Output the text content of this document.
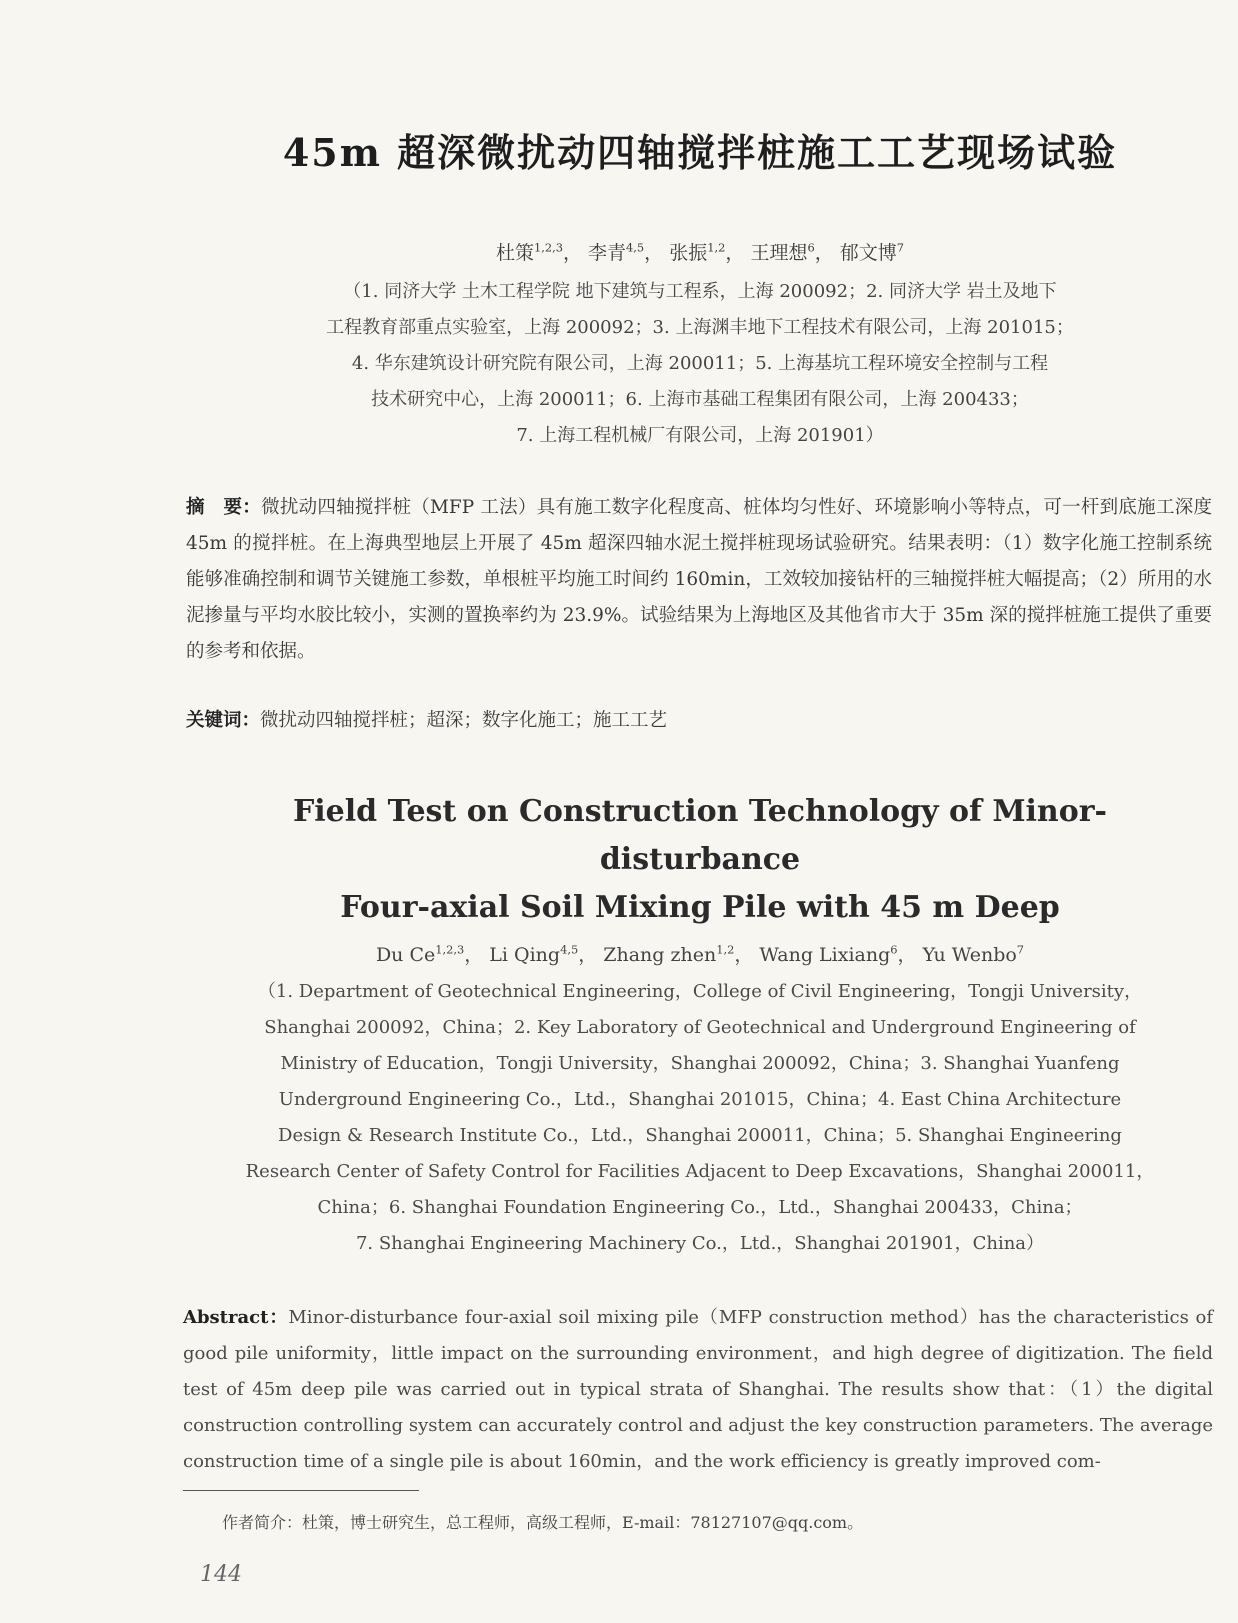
45m 超深微扰动四轴搅拌桩施工工艺现场试验
杜策$^{1,2,3}$， 李青$^{4,5}$， 张振$^{1,2}$， 王理想$^6$， 郁文博$^7$
（1. 同济大学 土木工程学院 地下建筑与工程系，上海 200092；2. 同济大学 岩土及地下
工程教育部重点实验室，上海 200092；3. 上海渊丰地下工程技术有限公司，上海 201015；
4. 华东建筑设计研究院有限公司，上海 200011；5. 上海基坑工程环境安全控制与工程
技术研究中心，上海 200011；6. 上海市基础工程集团有限公司，上海 200433；
7. 上海工程机械厂有限公司，上海 201901）
摘　要：微扰动四轴搅拌桩（MFP 工法）具有施工数字化程度高、桩体均匀性好、环境影响小等特点，可一杆到底施工深度 45m 的搅拌桩。在上海典型地层上开展了 45m 超深四轴水泥土搅拌桩现场试验研究。结果表明：（1）数字化施工控制系统能够准确控制和调节关键施工参数，单根桩平均施工时间约 160min，工效较加接钻杆的三轴搅拌桩大幅提高；（2）所用的水泥掺量与平均水胶比较小，实测的置换率约为 23.9%。试验结果为上海地区及其他省市大于 35m 深的搅拌桩施工提供了重要的参考和依据。
关键词：微扰动四轴搅拌桩；超深；数字化施工；施工工艺
Field Test on Construction Technology of Minor-disturbance
Four-axial Soil Mixing Pile with 45 m Deep
Du Ce$^{1,2,3}$， Li Qing$^{4,5}$， Zhang zhen$^{1,2}$， Wang Lixiang$^6$， Yu Wenbo$^7$
（1. Department of Geotechnical Engineering，College of Civil Engineering，Tongji University，
Shanghai 200092，China；2. Key Laboratory of Geotechnical and Underground Engineering of
Ministry of Education，Tongji University，Shanghai 200092，China；3. Shanghai Yuanfeng
Underground Engineering Co.，Ltd.，Shanghai 201015，China；4. East China Architecture
Design & Research Institute Co.，Ltd.，Shanghai 200011，China；5. Shanghai Engineering
Research Center of Safety Control for Facilities Adjacent to Deep Excavations，Shanghai 200011，
China；6. Shanghai Foundation Engineering Co.，Ltd.，Shanghai 200433，China；
7. Shanghai Engineering Machinery Co.，Ltd.，Shanghai 201901，China）
Abstract：Minor-disturbance four-axial soil mixing pile（MFP construction method）has the characteristics of good pile uniformity，little impact on the surrounding environment，and high degree of digitization. The field test of 45m deep pile was carried out in typical strata of Shanghai. The results show that：（1）the digital construction controlling system can accurately control and adjust the key construction parameters. The average construction time of a single pile is about 160min，and the work efficiency is greatly improved com-
作者简介：杜策，博士研究生，总工程师，高级工程师，E-mail：78127107@qq.com。
144
